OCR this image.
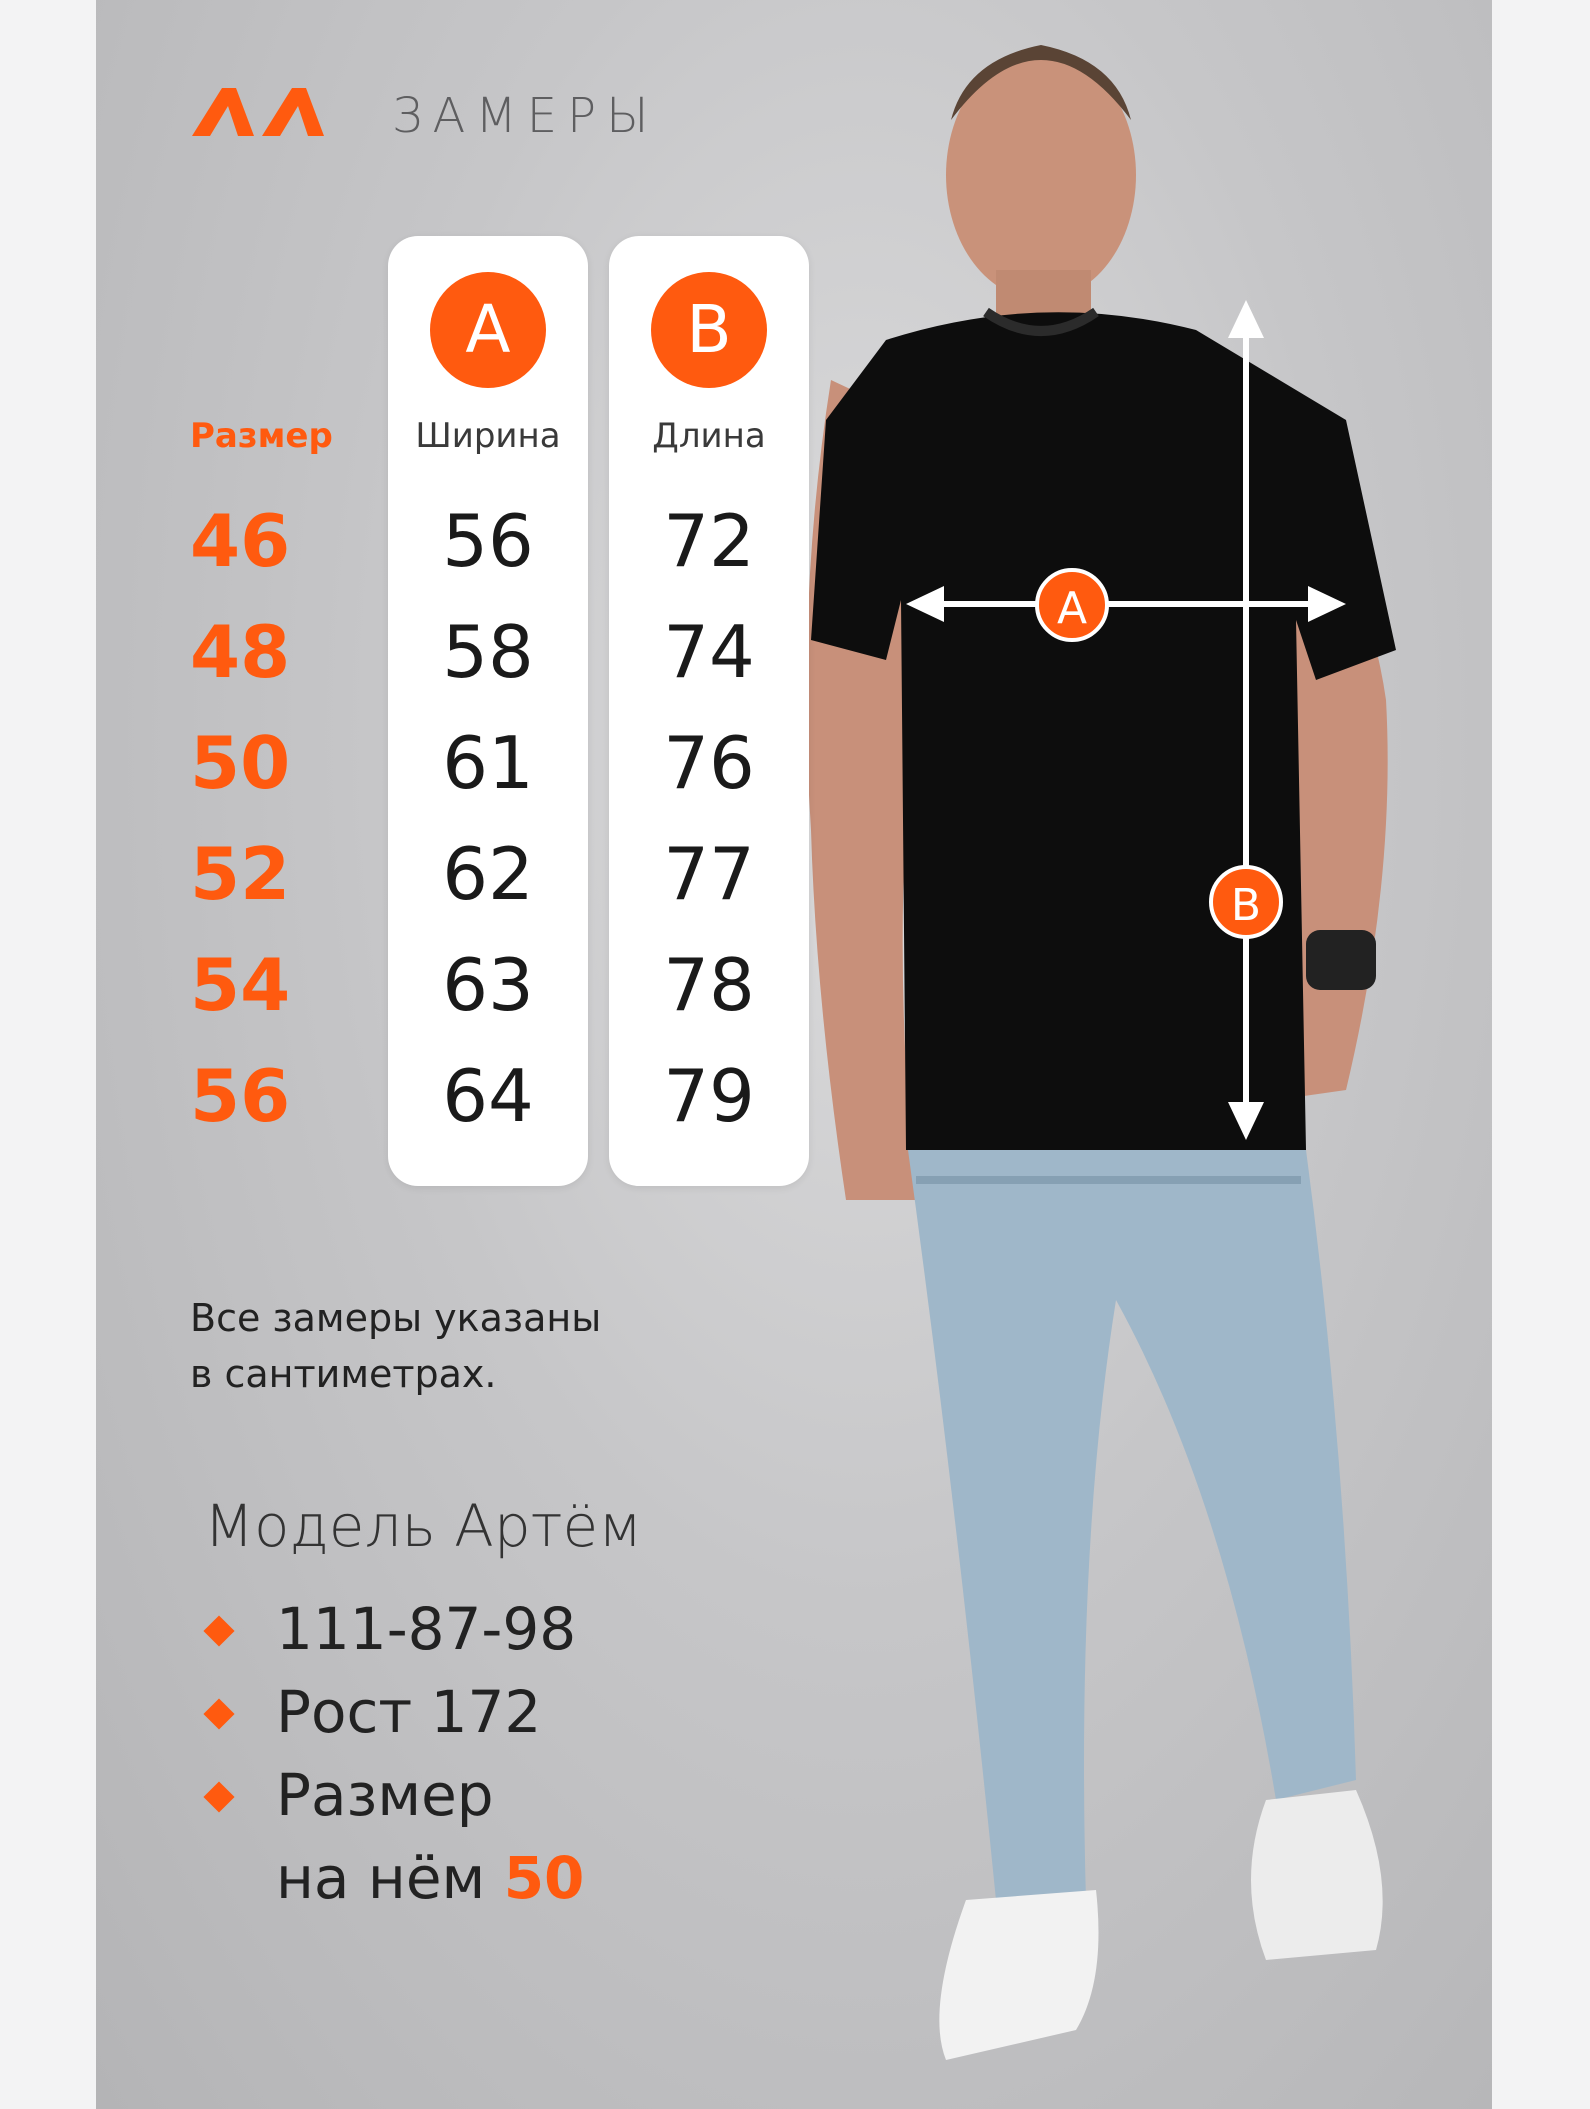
A
B
ЗАМЕРЫ
Размер
46
48
50
52
54
56
A
Ширина
56
58
61
62
63
64
B
Длина
72
74
76
77
78
79
Все замеры указаны
в сантиметрах.
Модель Артём
111-87-98
Рост 172
Размер
на нём 50
